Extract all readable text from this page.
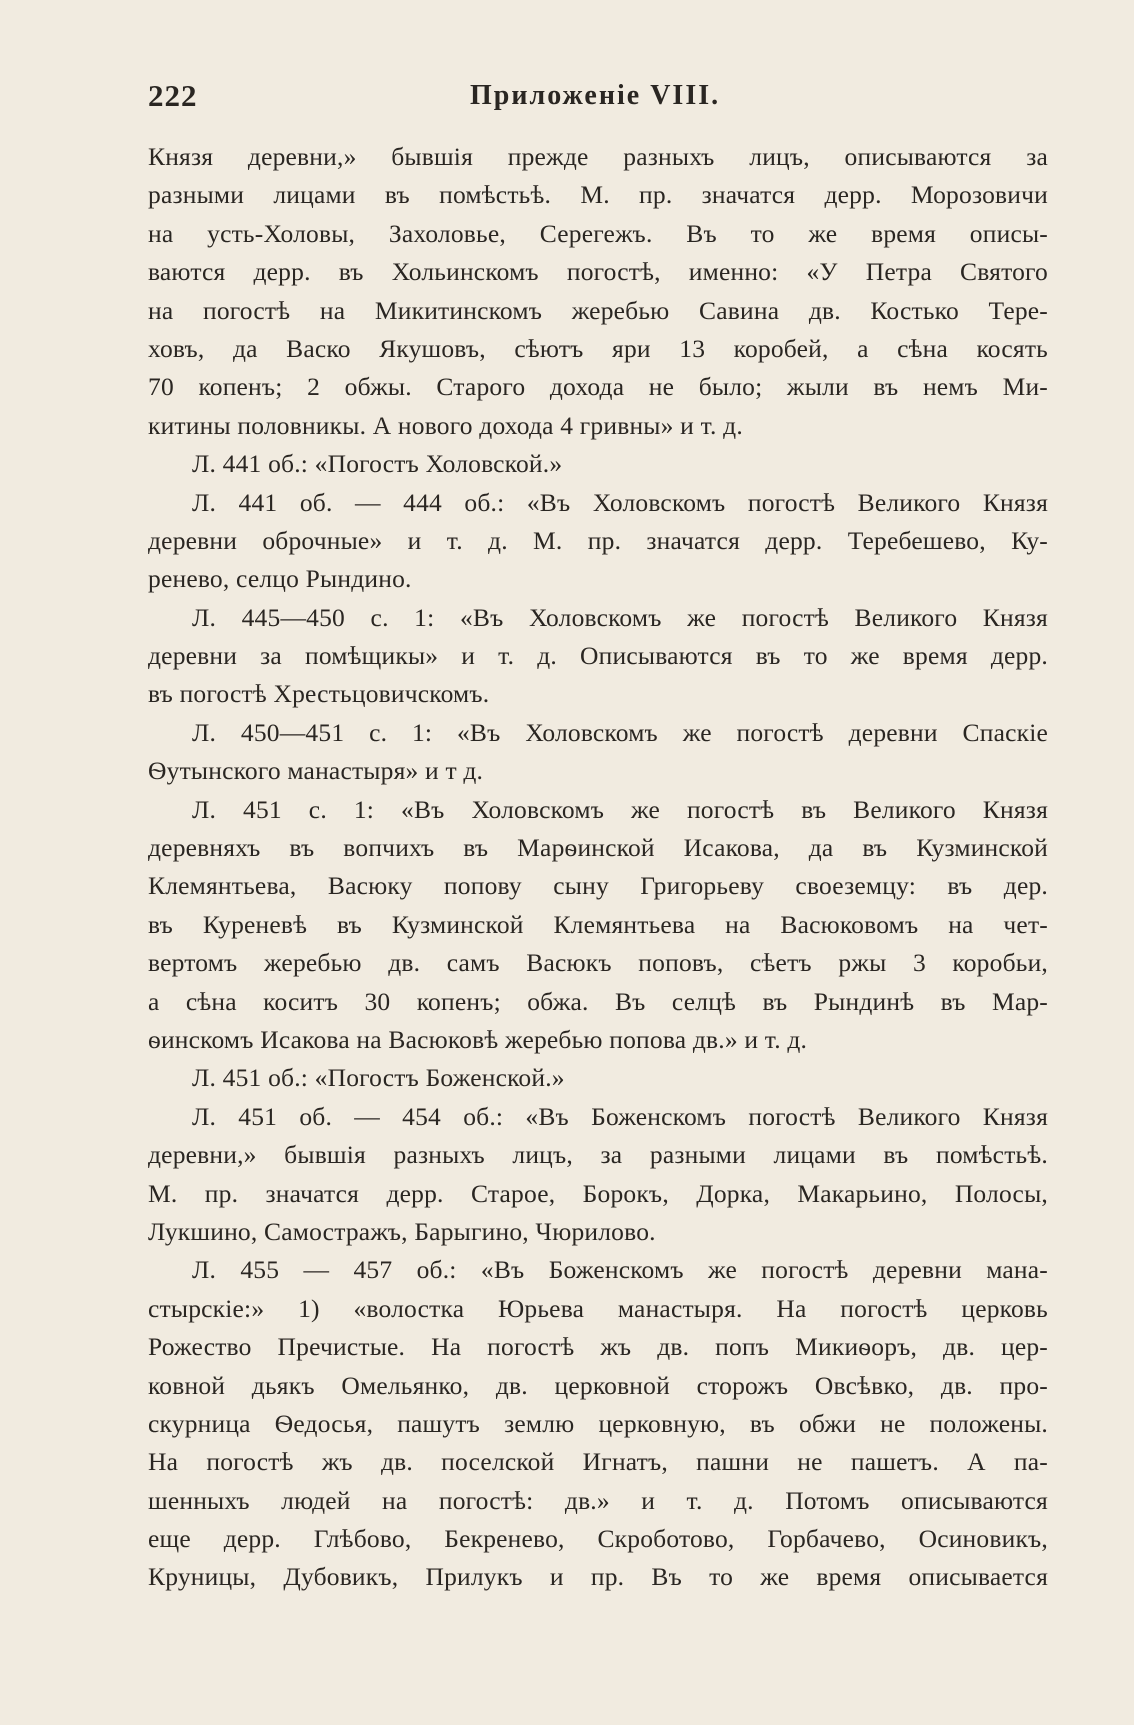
222	Приложенiе VIII.
Князя деревни,» бывшiя прежде разныхъ лицъ, описываются за
разными лицами въ помѣстьѣ. М. пр. значатся дерр. Морозовичи
на усть-Холовы, Захоловье, Серегежъ. Въ то же время описы-
ваются дерр. въ Хольинскомъ погостѣ, именно: «У Петра Святого
на погостѣ на Микитинскомъ жеребью Савина дв. Костько Терe-
ховъ, да Васко Якушовъ, сѣютъ яри 13 коробей, а сѣна косять
70 копенъ; 2 обжы. Старого дохода не было; жыли въ немъ Ми-
китины половникы. А нового дохода 4 гривны» и т. д.
Л. 441 об.: «Погостъ Холовской.»
Л. 441 об. — 444 об.: «Въ Холовскомъ погостѣ Великого Князя
деревни оброчные» и т. д. М. пр. значатся дерр. Теребешево, Ку-
ренево, селцо Рындино.
Л. 445—450 с. 1: «Въ Холовскомъ же погостѣ Великого Князя
деревни за помѣщикы» и т. д. Описываются въ то же время дерр.
въ погостѣ Хрестьцовичскомъ.
Л. 450—451 с. 1: «Въ Холовскомъ же погостѣ деревни Спаскiе
Ѳутынского манастыря» и т д.
Л. 451 с. 1: «Въ Холовскомъ же погостѣ въ Великого Князя
деревняхъ въ вопчихъ въ Марѳинской Исакова, да въ Кузминской
Клемянтьева, Васюку попову сыну Григорьеву своеземцу: въ дер.
въ Куреневѣ въ Кузминской Клемянтьева на Васюковомъ на чет-
вертомъ жеребью дв. самъ Васюкъ поповъ, сѣетъ ржы 3 коробьи,
а сѣна коситъ 30 копенъ; обжа. Въ селцѣ въ Рындинѣ въ Мар-
ѳинскомъ Исакова на Васюковѣ жеребью попова дв.» и т. д.
Л. 451 об.: «Погостъ Боженской.»
Л. 451 об. — 454 об.: «Въ Боженскомъ погостѣ Великого Князя
деревни,» бывшiя разныхъ лицъ, за разными лицами въ помѣстьѣ.
М. пр. значатся дерр. Старое, Борокъ, Дорка, Макарьино, Полосы,
Лукшино, Самостражъ, Барыгино, Чюрилово.
Л. 455 — 457 об.: «Въ Боженскомъ же погостѣ деревни мана-
стырскiе:» 1) «волостка Юрьева манастыря. На погостѣ церковь
Рожество Пречистые. На погостѣ жъ дв. попъ Микиѳоръ, дв. цер-
ковной дьякъ Омельянко, дв. церковной сторожъ Овсѣвко, дв. про-
скурница Ѳедосья, пашутъ землю церковную, въ обжи не положены.
На погостѣ жъ дв. поселской Игнатъ, пашни не пашетъ. А па-
шенныхъ людей на погостѣ: дв.» и т. д. Потомъ описываются
еще дерр. Глѣбово, Бекренево, Скроботово, Горбачево, Осиновикъ,
Круницы, Дубовикъ, Прилукъ и пр. Въ то же время описывается
